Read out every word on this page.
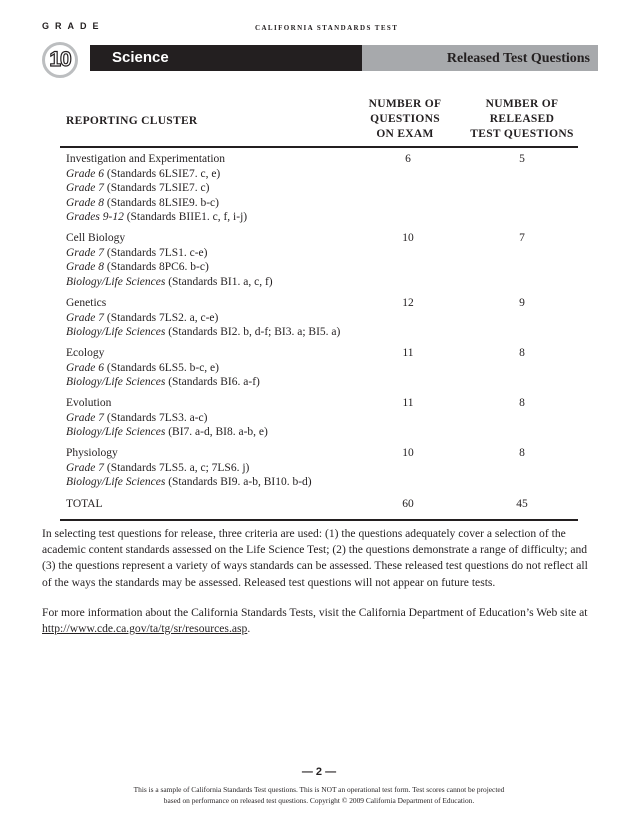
GRADE	CALIFORNIA STANDARDS TEST
10	Science	Released Test Questions
REPORTING CLUSTER
NUMBER OF
QUESTIONS
ON EXAM
NUMBER OF
RELEASED
TEST QUESTIONS
Investigation and Experimentation
Grade 6 (Standards 6LSIE7. c, e)
Grade 7 (Standards 7LSIE7. c)
Grade 8 (Standards 8LSIE9. b-c)
Grades 9-12 (Standards BIIE1. c, f, i-j)
6	5
Cell Biology
Grade 7 (Standards 7LS1. c-e)
Grade 8 (Standards 8PC6. b-c)
Biology/Life Sciences (Standards BI1. a, c, f)
10	7
Genetics
Grade 7 (Standards 7LS2. a, c-e)
Biology/Life Sciences (Standards BI2. b, d-f; BI3. a; BI5. a)
12	9
Ecology
Grade 6 (Standards 6LS5. b-c, e)
Biology/Life Sciences (Standards BI6. a-f)
11	8
Evolution
Grade 7 (Standards 7LS3. a-c)
Biology/Life Sciences (BI7. a-d, BI8. a-b, e)
11	8
Physiology
Grade 7 (Standards 7LS5. a, c; 7LS6. j)
Biology/Life Sciences (Standards BI9. a-b, BI10. b-d)
10	8
TOTAL	60	45

In selecting test questions for release, three criteria are used: (1) the questions adequately cover a selection of the academic content standards assessed on the Life Science Test; (2) the questions demonstrate a range of difficulty; and (3) the questions represent a variety of ways standards can be assessed. These released test questions do not reflect all of the ways the standards may be assessed. Released test questions will not appear on future tests.

For more information about the California Standards Tests, visit the California Department of Education’s Web site at http://www.cde.ca.gov/ta/tg/sr/resources.asp.

— 2 —
This is a sample of California Standards Test questions. This is NOT an operational test form. Test scores cannot be projected
based on performance on released test questions. Copyright © 2009 California Department of Education.
